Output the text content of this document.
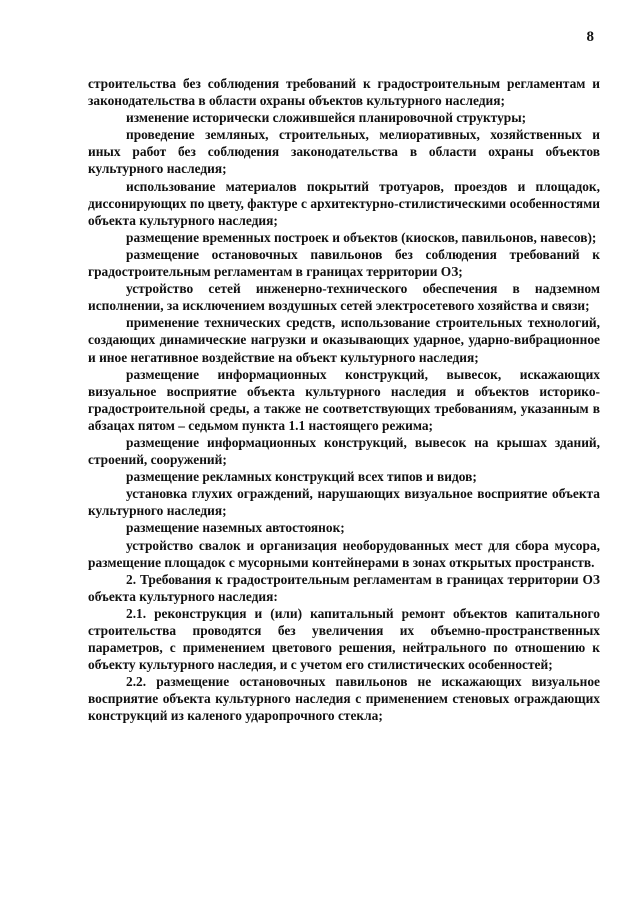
8

строительства без соблюдения требований к градостроительным регламентам и законодательства в области охраны объектов культурного наследия;

изменение исторически сложившейся планировочной структуры;

проведение земляных, строительных, мелиоративных, хозяйственных и иных работ без соблюдения законодательства в области охраны объектов культурного наследия;

использование материалов покрытий тротуаров, проездов и площадок, диссонирующих по цвету, фактуре с архитектурно-стилистическими особенностями объекта культурного наследия;

размещение временных построек и объектов (киосков, павильонов, навесов);

размещение остановочных павильонов без соблюдения требований к градостроительным регламентам в границах территории ОЗ;

устройство сетей инженерно-технического обеспечения в надземном исполнении, за исключением воздушных сетей электросетевого хозяйства и связи;

применение технических средств, использование строительных технологий, создающих динамические нагрузки и оказывающих ударное, ударно-вибрационное и иное негативное воздействие на объект культурного наследия;

размещение информационных конструкций, вывесок, искажающих визуальное восприятие объекта культурного наследия и объектов историко-градостроительной среды, а также не соответствующих требованиям, указанным в абзацах пятом – седьмом пункта 1.1 настоящего режима;

размещение информационных конструкций, вывесок на крышах зданий, строений, сооружений;

размещение рекламных конструкций всех типов и видов;

установка глухих ограждений, нарушающих визуальное восприятие объекта культурного наследия;

размещение наземных автостоянок;

устройство свалок и организация необорудованных мест для сбора мусора, размещение площадок с мусорными контейнерами в зонах открытых пространств.

2. Требования к градостроительным регламентам в границах территории ОЗ объекта культурного наследия:

2.1. реконструкция и (или) капитальный ремонт объектов капитального строительства проводятся без увеличения их объемно-пространственных параметров, с применением цветового решения, нейтрального по отношению к объекту культурного наследия, и с учетом его стилистических особенностей;

2.2. размещение остановочных павильонов не искажающих визуальное восприятие объекта культурного наследия с применением стеновых ограждающих конструкций из каленого ударопрочного стекла;
